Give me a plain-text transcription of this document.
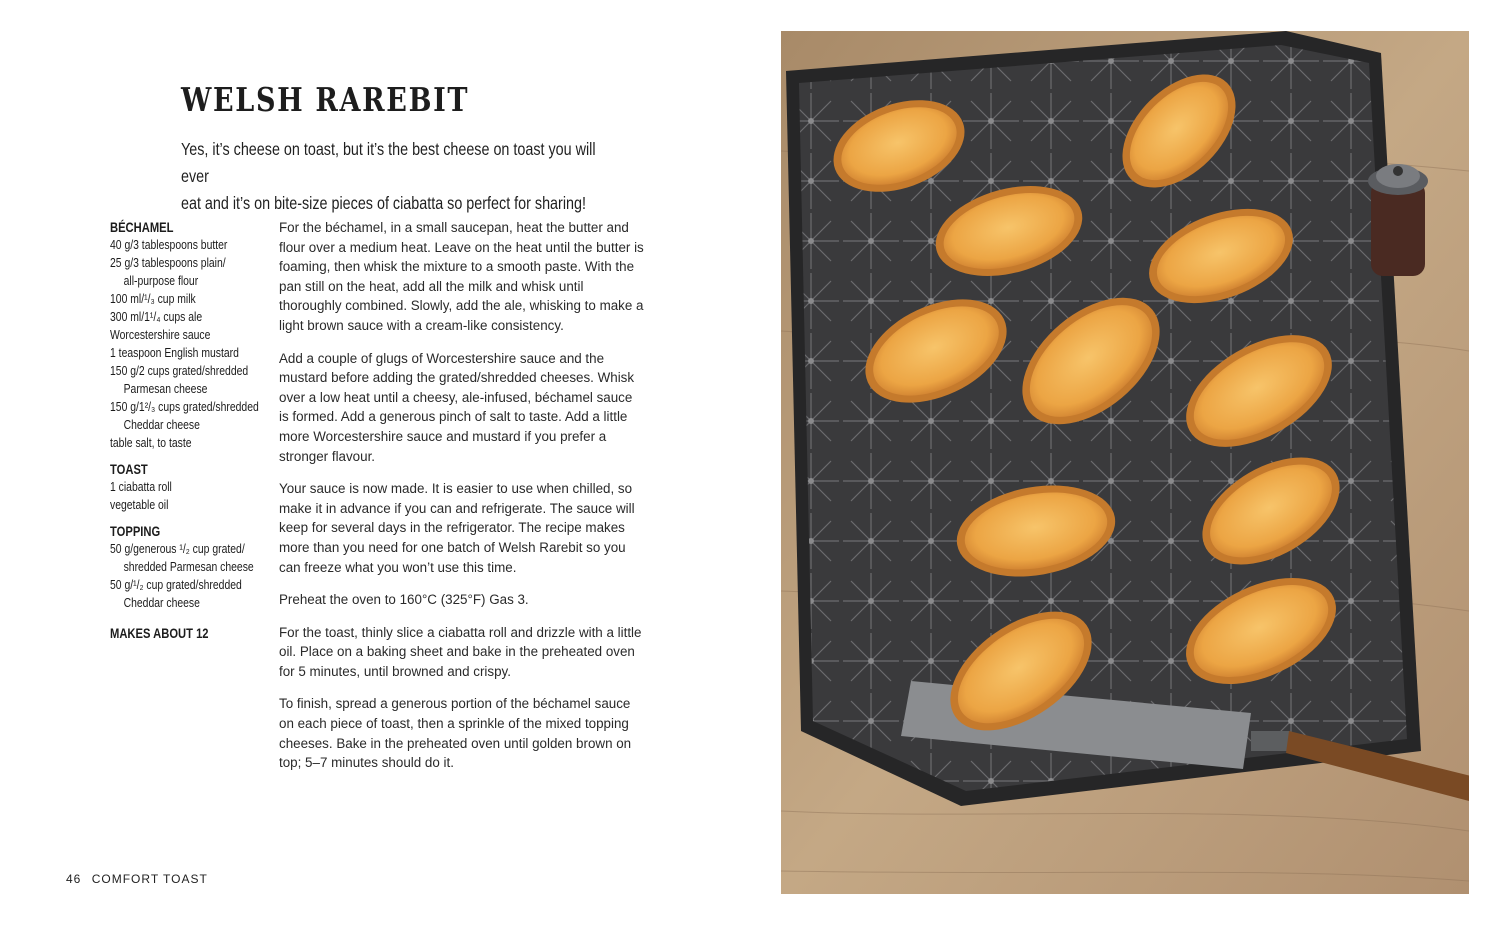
WELSH RAREBIT
Yes, it’s cheese on toast, but it’s the best cheese on toast you will ever
eat and it’s on bite-size pieces of ciabatta so perfect for sharing!
BÉCHAMEL
40 g/3 tablespoons butter
25 g/3 tablespoons plain/
all-purpose flour
100 ml/¹/₃ cup milk
300 ml/1¹/₄ cups ale
Worcestershire sauce
1 teaspoon English mustard
150 g/2 cups grated/shredded
Parmesan cheese
150 g/1²/₃ cups grated/shredded
Cheddar cheese
table salt, to taste
TOAST
1 ciabatta roll
vegetable oil
TOPPING
50 g/generous ¹/₂ cup grated/
shredded Parmesan cheese
50 g/¹/₂ cup grated/shredded
Cheddar cheese
MAKES ABOUT 12

For the béchamel, in a small saucepan, heat the butter and flour over a medium heat. Leave on the heat until the butter is foaming, then whisk the mixture to a smooth paste. With the pan still on the heat, add all the milk and whisk until thoroughly combined. Slowly, add the ale, whisking to make a light brown sauce with a cream-like consistency.

Add a couple of glugs of Worcestershire sauce and the mustard before adding the grated/shredded cheeses. Whisk over a low heat until a cheesy, ale-infused, béchamel sauce is formed. Add a generous pinch of salt to taste. Add a little more Worcestershire sauce and mustard if you prefer a stronger flavour.

Your sauce is now made. It is easier to use when chilled, so make it in advance if you can and refrigerate. The sauce will keep for several days in the refrigerator. The recipe makes more than you need for one batch of Welsh Rarebit so you can freeze what you won’t use this time.

Preheat the oven to 160°C (325°F) Gas 3.

For the toast, thinly slice a ciabatta roll and drizzle with a little oil. Place on a baking sheet and bake in the preheated oven for 5 minutes, until browned and crispy.

To finish, spread a generous portion of the béchamel sauce on each piece of toast, then a sprinkle of the mixed topping cheeses. Bake in the preheated oven until golden brown on top; 5–7 minutes should do it.

46 COMFORT TOAST
